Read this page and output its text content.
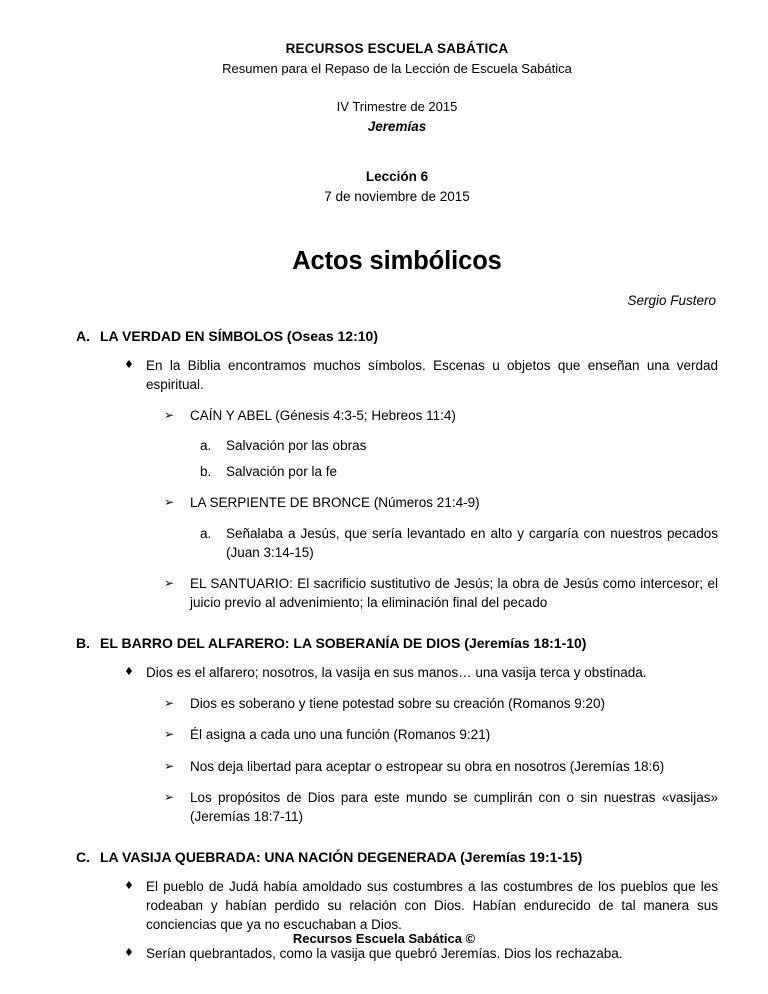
RECURSOS ESCUELA SABÁTICA
Resumen para el Repaso de la Lección de Escuela Sabática
IV Trimestre de 2015
Jeremías
Lección 6
7 de noviembre de 2015
Actos simbólicos
Sergio Fustero
A. LA VERDAD EN SÍMBOLOS (Oseas 12:10)
♦ En la Biblia encontramos muchos símbolos. Escenas u objetos que enseñan una verdad espiritual.
➢	CAÍN Y ABEL (Génesis 4:3-5; Hebreos 11:4)
a.	Salvación por las obras
b.	Salvación por la fe
➢	LA SERPIENTE DE BRONCE (Números 21:4-9)
a.	Señalaba a Jesús, que sería levantado en alto y cargaría con nuestros pecados (Juan 3:14-15)
➢	EL SANTUARIO: El sacrificio sustitutivo de Jesús; la obra de Jesús como intercesor; el juicio previo al advenimiento; la eliminación final del pecado
B. EL BARRO DEL ALFARERO: LA SOBERANÍA DE DIOS (Jeremías 18:1-10)
♦ Dios es el alfarero; nosotros, la vasija en sus manos… una vasija terca y obstinada.
➢	Dios es soberano y tiene potestad sobre su creación (Romanos 9:20)
➢	Él asigna a cada uno una función (Romanos 9:21)
➢	Nos deja libertad para aceptar o estropear su obra en nosotros (Jeremías 18:6)
➢	Los propósitos de Dios para este mundo se cumplirán con o sin nuestras «vasijas» (Jeremías 18:7-11)
C. LA VASIJA QUEBRADA: UNA NACIÓN DEGENERADA (Jeremías 19:1-15)
♦ El pueblo de Judá había amoldado sus costumbres a las costumbres de los pueblos que les rodeaban y habían perdido su relación con Dios. Habían endurecido de tal manera sus conciencias que ya no escuchaban a Dios.
♦ Serían quebrantados, como la vasija que quebró Jeremías. Dios los rechazaba.
Recursos Escuela Sabática ©
